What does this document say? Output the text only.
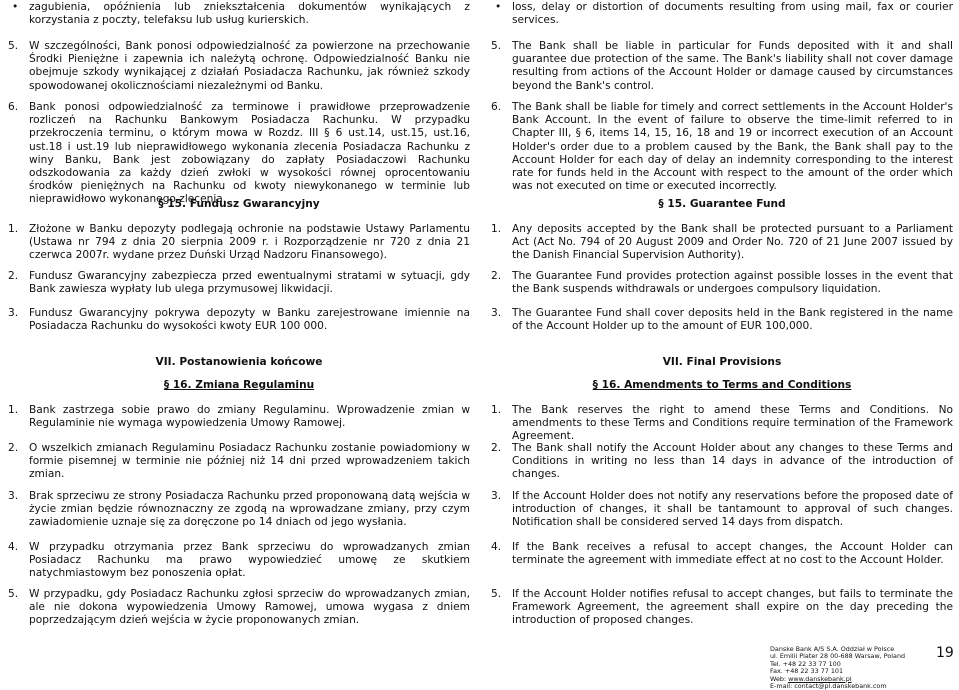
•	zagubienia, opóźnienia lub zniekształcenia dokumentów wynikających z korzystania z poczty, telefaksu lub usług kurierskich.
5.	W szczególności, Bank ponosi odpowiedzialność za powierzone na przechowanie Środki Pieniężne i zapewnia ich należytą ochronę. Odpowiedzialność Banku nie obejmuje szkody wynikającej z działań Posiadacza Rachunku, jak również szkody spowodowanej okolicznościami niezależnymi od Banku.
6.	Bank ponosi odpowiedzialność za terminowe i prawidłowe przeprowadzenie rozliczeń na Rachunku Bankowym Posiadacza Rachunku. W przypadku przekroczenia terminu, o którym mowa w Rozdz. III § 6 ust.14, ust.15, ust.16, ust.18 i ust.19 lub nieprawidłowego wykonania zlecenia Posiadacza Rachunku z winy Banku, Bank jest zobowiązany do zapłaty Posiadaczowi Rachunku odszkodowania za każdy dzień zwłoki w wysokości równej oprocentowaniu środków pieniężnych na Rachunku od kwoty niewykonanego w terminie lub nieprawidłowo wykonanego zlecenia.
§ 15. Fundusz Gwarancyjny
1.	Złożone w Banku depozyty podlegają ochronie na podstawie Ustawy Parlamentu (Ustawa nr 794 z dnia 20 sierpnia 2009 r. i Rozporządzenie nr 720 z dnia 21 czerwca 2007r. wydane przez Duński Urząd Nadzoru Finansowego).
2.	Fundusz Gwarancyjny zabezpiecza przed ewentualnymi stratami w sytuacji, gdy Bank zawiesza wypłaty lub ulega przymusowej likwidacji.
3.	Fundusz Gwarancyjny pokrywa depozyty w Banku zarejestrowane imiennie na Posiadacza Rachunku do wysokości kwoty EUR 100 000.
VII. Postanowienia końcowe
§ 16. Zmiana Regulaminu
1.	Bank zastrzega sobie prawo do zmiany Regulaminu. Wprowadzenie zmian w Regulaminie nie wymaga wypowiedzenia Umowy Ramowej.
2.	O wszelkich zmianach Regulaminu Posiadacz Rachunku zostanie powiadomiony w formie pisemnej w terminie nie później niż 14 dni przed wprowadzeniem takich zmian.
3.	Brak sprzeciwu ze strony Posiadacza Rachunku przed proponowaną datą wejścia w życie zmian będzie równoznaczny ze zgodą na wprowadzane zmiany, przy czym zawiadomienie uznaje się za doręczone po 14 dniach od jego wysłania.
4.	W przypadku otrzymania przez Bank sprzeciwu do wprowadzanych zmian Posiadacz Rachunku ma prawo wypowiedzieć umowę ze skutkiem natychmiastowym bez ponoszenia opłat.
5.	W przypadku, gdy Posiadacz Rachunku zgłosi sprzeciw do wprowadzanych zmian, ale nie dokona wypowiedzenia Umowy Ramowej, umowa wygasa z dniem poprzedzającym dzień wejścia w życie proponowanych zmian.
•	loss, delay or distortion of documents resulting from using mail, fax or courier services.
5.	The Bank shall be liable in particular for Funds deposited with it and shall guarantee due protection of the same. The Bank's liability shall not cover damage resulting from actions of the Account Holder or damage caused by circumstances beyond the Bank's control.
6.	The Bank shall be liable for timely and correct settlements in the Account Holder's Bank Account. In the event of failure to observe the time-limit referred to in Chapter III, § 6, items 14, 15, 16, 18 and 19 or incorrect execution of an Account Holder's order due to a problem caused by the Bank, the Bank shall pay to the Account Holder for each day of delay an indemnity corresponding to the interest rate for funds held in the Account with respect to the amount of the order which was not executed on time or executed incorrectly.
§ 15. Guarantee Fund
1.	Any deposits accepted by the Bank shall be protected pursuant to a Parliament Act (Act No. 794 of 20 August 2009 and Order No. 720 of 21 June 2007 issued by the Danish Financial Supervision Authority).
2.	The Guarantee Fund provides protection against possible losses in the event that the Bank suspends withdrawals or undergoes compulsory liquidation.
3.	The Guarantee Fund shall cover deposits held in the Bank registered in the name of the Account Holder up to the amount of EUR 100,000.
VII. Final Provisions
§ 16. Amendments to Terms and Conditions
1.	The Bank reserves the right to amend these Terms and Conditions. No amendments to these Terms and Conditions require termination of the Framework Agreement.
2.	The Bank shall notify the Account Holder about any changes to these Terms and Conditions in writing no less than 14 days in advance of the introduction of changes.
3.	If the Account Holder does not notify any reservations before the proposed date of introduction of changes, it shall be tantamount to approval of such changes. Notification shall be considered served 14 days from dispatch.
4.	If the Bank receives a refusal to accept changes, the Account Holder can terminate the agreement with immediate effect at no cost to the Account Holder.
5.	If the Account Holder notifies refusal to accept changes, but fails to terminate the Framework Agreement, the agreement shall expire on the day preceding the introduction of proposed changes.
Danske Bank A/S S.A. Oddział w Polsce
ul. Emilii Plater 28 00-688 Warsaw, Poland
Tel. +48 22 33 77 100
Fax. +48 22 33 77 101
Web: www.danskebank.pl
E-mail: contact@pl.danskebank.com
19
